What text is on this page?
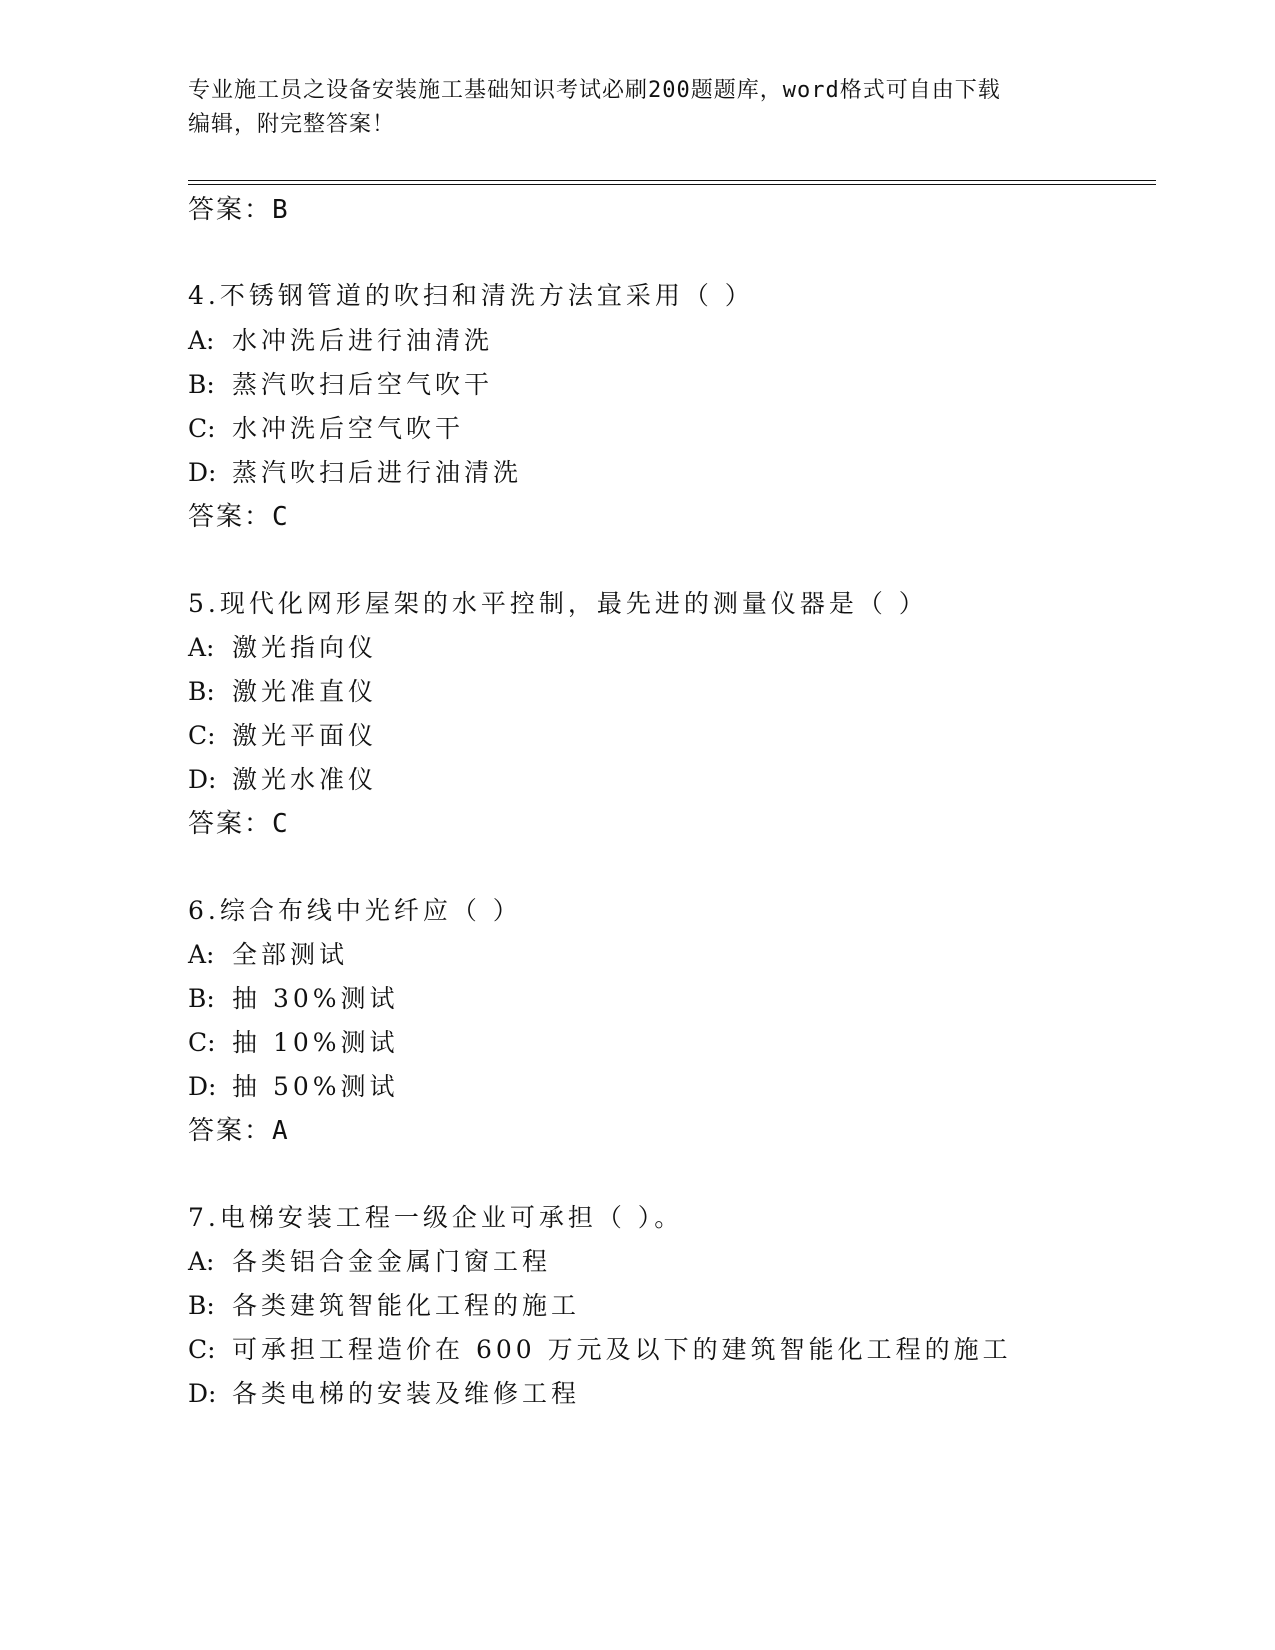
专业施工员之设备安装施工基础知识考试必刷200题题库，word格式可自由下载
编辑，附完整答案！
答案：B
4.不锈钢管道的吹扫和清洗方法宜采用（ ）
A: 水冲洗后进行油清洗
B: 蒸汽吹扫后空气吹干
C: 水冲洗后空气吹干
D: 蒸汽吹扫后进行油清洗
答案：C
5.现代化网形屋架的水平控制，最先进的测量仪器是（ ）
A: 激光指向仪
B: 激光准直仪
C: 激光平面仪
D: 激光水准仪
答案：C
6.综合布线中光纤应（ ）
A: 全部测试
B: 抽 30%测试
C: 抽 10%测试
D: 抽 50%测试
答案：A
7.电梯安装工程一级企业可承担（ ）。
A: 各类铝合金金属门窗工程
B: 各类建筑智能化工程的施工
C: 可承担工程造价在 600 万元及以下的建筑智能化工程的施工
D: 各类电梯的安装及维修工程
